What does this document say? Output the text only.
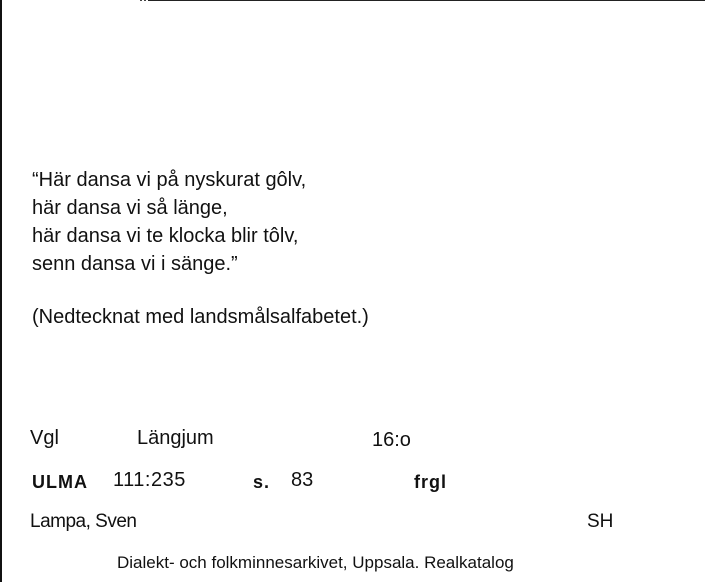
“Här dansa vi på nyskurat gôlv,
här dansa vi så länge,
här dansa vi te klocka blir tôlv,
senn dansa vi i sänge.”
(Nedtecknat med landsmålsalfabetet.)
Vgl	Längjum	16:o
ULMA 111:235	s. 83	frgl
Lampa, Sven	SH
Dialekt- och folkminnesarkivet, Uppsala. Realkatalog
